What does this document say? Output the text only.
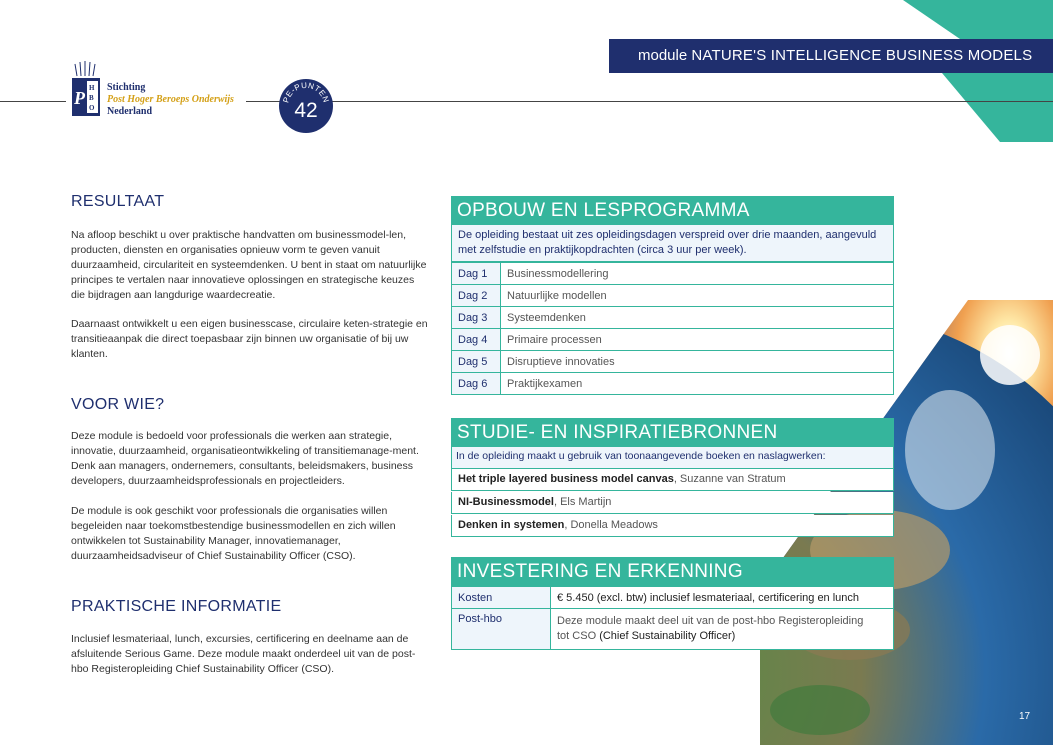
module NATURE'S INTELLIGENCE BUSINESS MODELS
P H
B
O
Stichting
Post Hoger Beroeps Onderwijs
Nederland
PE-PUNTEN
42
RESULTAAT
Na afloop beschikt u over praktische handvatten om businessmodel-len, producten, diensten en organisaties opnieuw vorm te geven vanuit duurzaamheid, circulariteit en systeemdenken. U bent in staat om natuurlijke principes te vertalen naar innovatieve oplossingen en strategische keuzes die bijdragen aan langdurige waardecreatie.
Daarnaast ontwikkelt u een eigen businesscase, circulaire keten-strategie en transitieaanpak die direct toepasbaar zijn binnen uw organisatie of bij uw klanten.
VOOR WIE?
Deze module is bedoeld voor professionals die werken aan strategie, innovatie, duurzaamheid, organisatieontwikkeling of transitiemanage-ment. Denk aan managers, ondernemers, consultants, beleidsmakers, business developers, duurzaamheidsprofessionals en projectleiders.
De module is ook geschikt voor professionals die organisaties willen begeleiden naar toekomstbestendige businessmodellen en zich willen ontwikkelen tot Sustainability Manager, innovatiemanager, duurzaamheidsadviseur of Chief Sustainability Officer (CSO).
PRAKTISCHE INFORMATIE
Inclusief lesmateriaal, lunch, excursies, certificering en deelname aan de afsluitende Serious Game. Deze module maakt onderdeel uit van de post-hbo Registeropleiding Chief Sustainability Officer (CSO).
17
OPBOUW EN LESPROGRAMMA
De opleiding bestaat uit zes opleidingsdagen verspreid over drie maanden, aangevuld met zelfstudie en praktijkopdrachten (circa 3 uur per week).
Dag 1	Businessmodellering
Dag 2	Natuurlijke modellen
Dag 3	Systeemdenken
Dag 4	Primaire processen
Dag 5	Disruptieve innovaties
Dag 6	Praktijkexamen
STUDIE- EN INSPIRATIEBRONNEN
In de opleiding maakt u gebruik van toonaangevende boeken en naslagwerken:
Het triple layered business model canvas, Suzanne van Stratum
NI-Businessmodel, Els Martijn
Denken in systemen, Donella Meadows
INVESTERING EN ERKENNING
Kosten	€ 5.450 (excl. btw) inclusief lesmateriaal, certificering en lunch
Post-hbo	Deze module maakt deel uit van de post-hbo Registeropleiding
tot CSO (Chief Sustainability Officer)
